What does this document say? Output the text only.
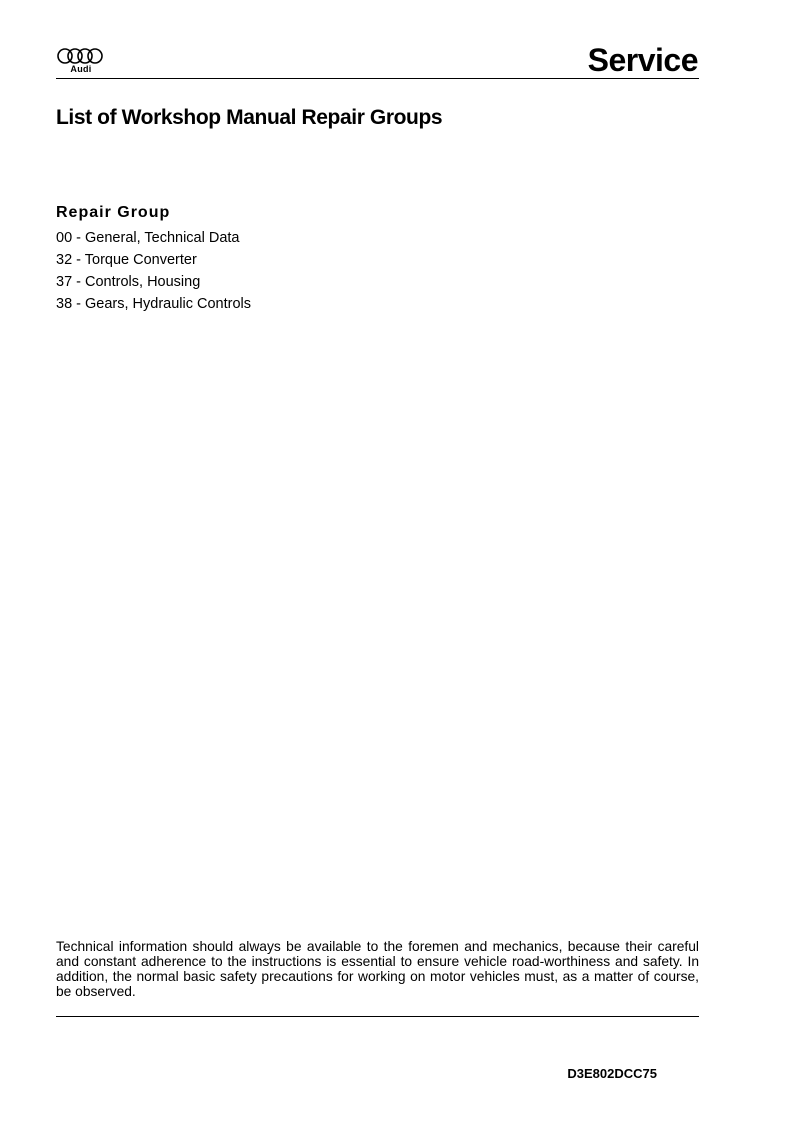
Audi	Service
List of Workshop Manual Repair Groups
Repair Group
00 - General, Technical Data
32 - Torque Converter
37 - Controls, Housing
38 - Gears, Hydraulic Controls
Technical information should always be available to the foremen and mechanics, because their careful and constant adherence to the instructions is essential to ensure vehicle road-worthiness and safety. In addition, the normal basic safety precautions for working on motor vehicles must, as a matter of course, be observed.
D3E802DCC75
